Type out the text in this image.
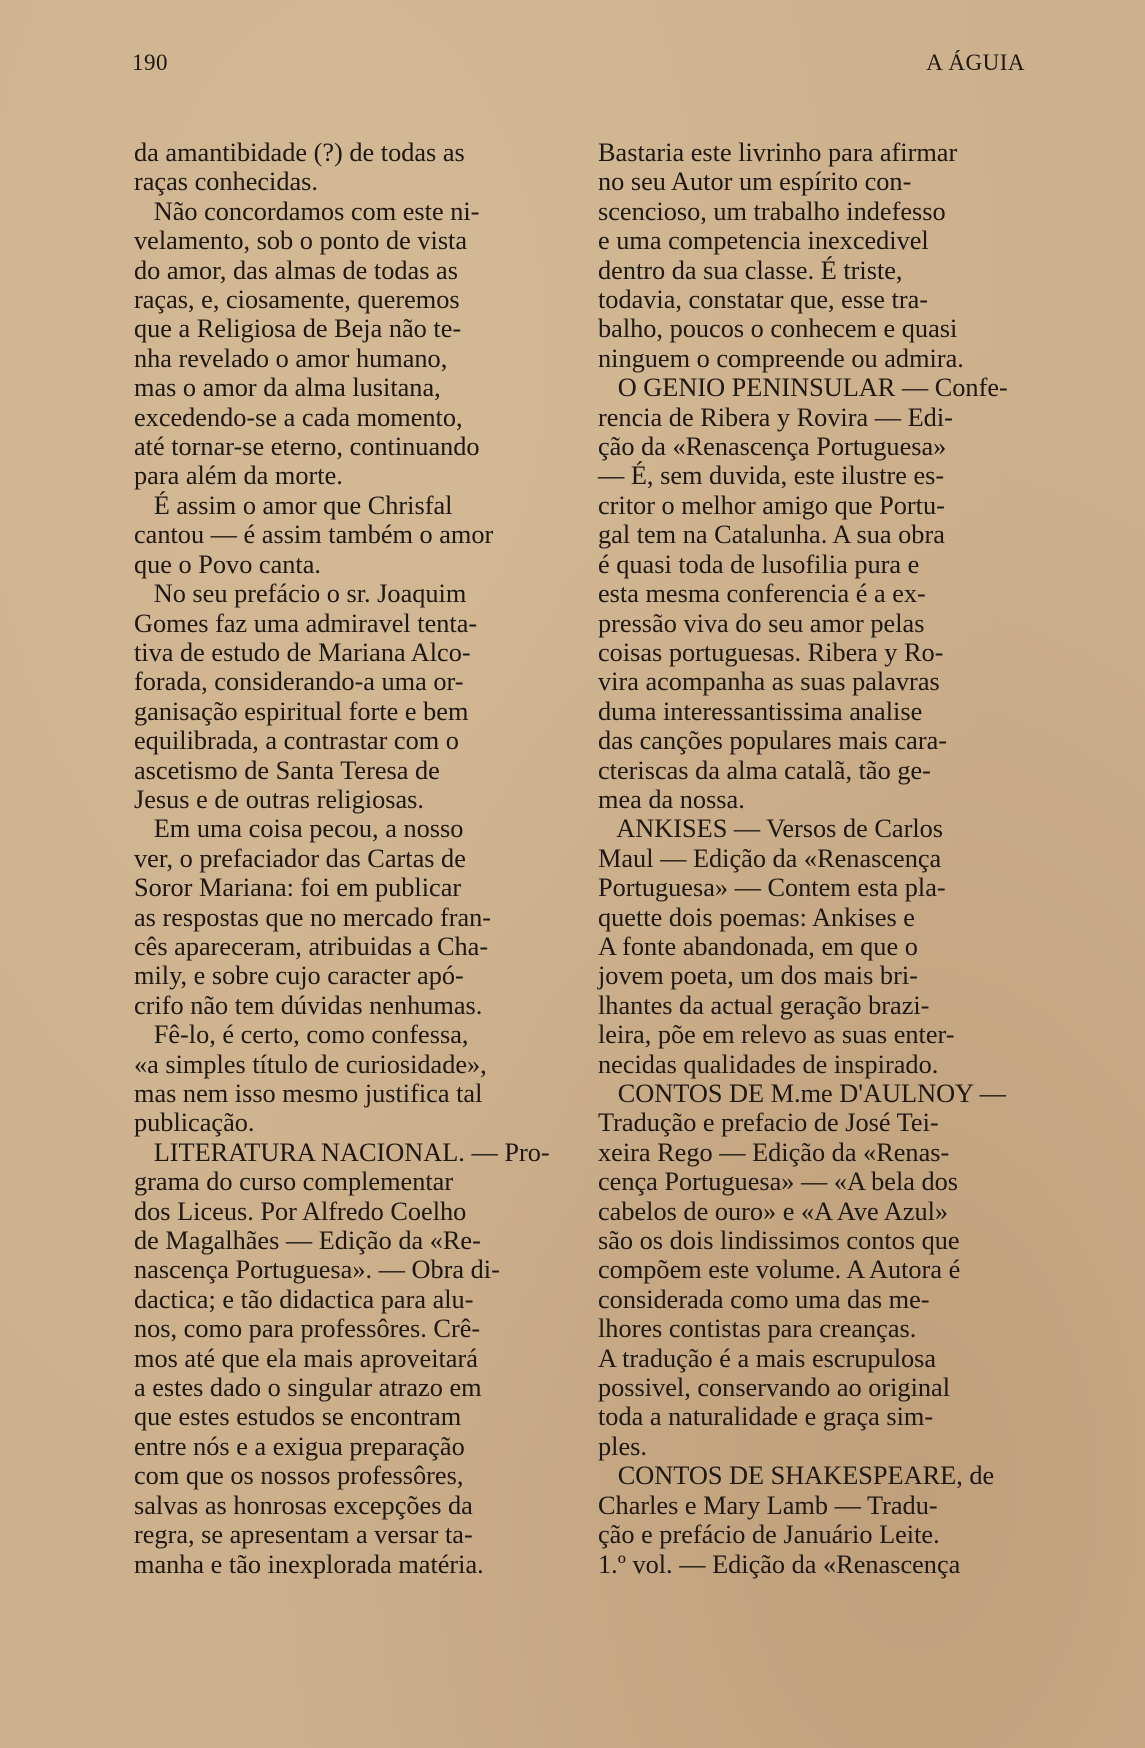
190	A ÁGUIA
da amantibidade (?) de todas as
raças conhecidas.
Não concordamos com este ni-
velamento, sob o ponto de vista
do amor, das almas de todas as
raças, e, ciosamente, queremos
que a Religiosa de Beja não te-
nha revelado o amor humano,
mas o amor da alma lusitana,
excedendo-se a cada momento,
até tornar-se eterno, continuando
para além da morte.
É assim o amor que Chrisfal
cantou — é assim também o amor
que o Povo canta.
No seu prefácio o sr. Joaquim
Gomes faz uma admiravel tenta-
tiva de estudo de Mariana Alco-
forada, considerando-a uma or-
ganisação espiritual forte e bem
equilibrada, a contrastar com o
ascetismo de Santa Teresa de
Jesus e de outras religiosas.
Em uma coisa pecou, a nosso
ver, o prefaciador das Cartas de
Soror Mariana: foi em publicar
as respostas que no mercado fran-
cês apareceram, atribuidas a Cha-
mily, e sobre cujo caracter apó-
crifo não tem dúvidas nenhumas.
Fê-lo, é certo, como confessa,
«a simples título de curiosidade»,
mas nem isso mesmo justifica tal
publicação.
LITERATURA NACIONAL. — Pro-
grama do curso complementar
dos Liceus. Por Alfredo Coelho
de Magalhães — Edição da «Re-
nascença Portuguesa». — Obra di-
dactica; e tão didactica para alu-
nos, como para professôres. Crê-
mos até que ela mais aproveitará
a estes dado o singular atrazo em
que estes estudos se encontram
entre nós e a exigua preparação
com que os nossos professôres,
salvas as honrosas excepções da
regra, se apresentam a versar ta-
manha e tão inexplorada matéria.
Bastaria este livrinho para afirmar
no seu Autor um espírito con-
scencioso, um trabalho indefesso
e uma competencia inexcedivel
dentro da sua classe. É triste,
todavia, constatar que, esse tra-
balho, poucos o conhecem e quasi
ninguem o compreende ou admira.
O GENIO PENINSULAR — Confe-
rencia de Ribera y Rovira — Edi-
ção da «Renascença Portuguesa»
— É, sem duvida, este ilustre es-
critor o melhor amigo que Portu-
gal tem na Catalunha. A sua obra
é quasi toda de lusofilia pura e
esta mesma conferencia é a ex-
pressão viva do seu amor pelas
coisas portuguesas. Ribera y Ro-
vira acompanha as suas palavras
duma interessantissima analise
das canções populares mais cara-
cteriscas da alma catalã, tão ge-
mea da nossa.
ANKISES — Versos de Carlos
Maul — Edição da «Renascença
Portuguesa» — Contem esta pla-
quette dois poemas: Ankises e
A fonte abandonada, em que o
jovem poeta, um dos mais bri-
lhantes da actual geração brazi-
leira, põe em relevo as suas enter-
necidas qualidades de inspirado.
CONTOS DE M.me D'AULNOY —
Tradução e prefacio de José Tei-
xeira Rego — Edição da «Renas-
cença Portuguesa» — «A bela dos
cabelos de ouro» e «A Ave Azul»
são os dois lindissimos contos que
compõem este volume. A Autora é
considerada como uma das me-
lhores contistas para creanças.
A tradução é a mais escrupulosa
possivel, conservando ao original
toda a naturalidade e graça sim-
ples.
CONTOS DE SHAKESPEARE, de
Charles e Mary Lamb — Tradu-
ção e prefácio de Januário Leite.
1.º vol. — Edição da «Renascença
